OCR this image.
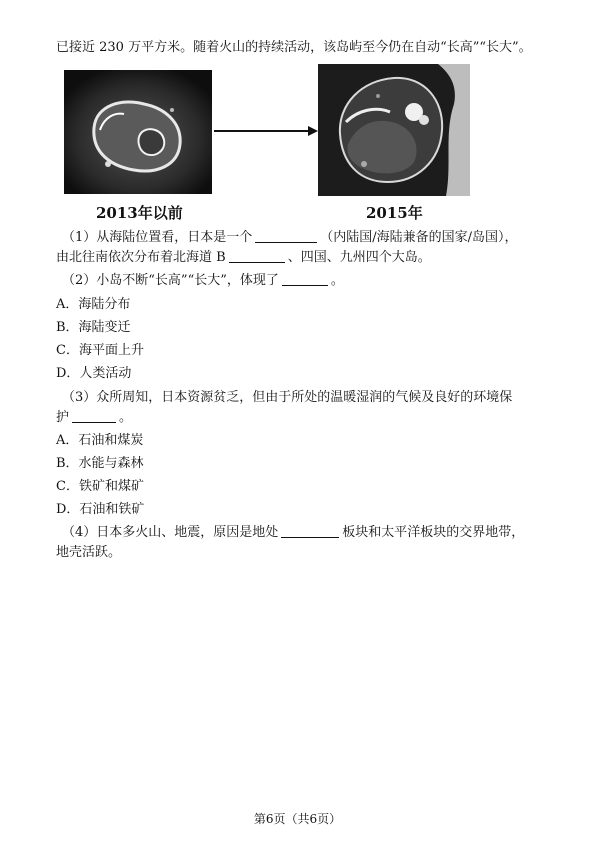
已接近 230 万平方米。随着火山的持续活动，该岛屿至今仍在自动“长高”“长大”。
2013年以前	2015年
（1）从海陆位置看，日本是一个	（内陆国/海陆兼备的国家/岛国），
由北往南依次分布着北海道 B	、四国、九州四个大岛。
（2）小岛不断“长高”“长大”，体现了	。
A．海陆分布
B．海陆变迁
C．海平面上升
D．人类活动
（3）众所周知，日本资源贫乏，但由于所处的温暖湿润的气候及良好的环境保
护	。
A．石油和煤炭
B．水能与森林
C．铁矿和煤矿
D．石油和铁矿
（4）日本多火山、地震，原因是地处	板块和太平洋板块的交界地带，
地壳活跃。
第6页（共6页）
